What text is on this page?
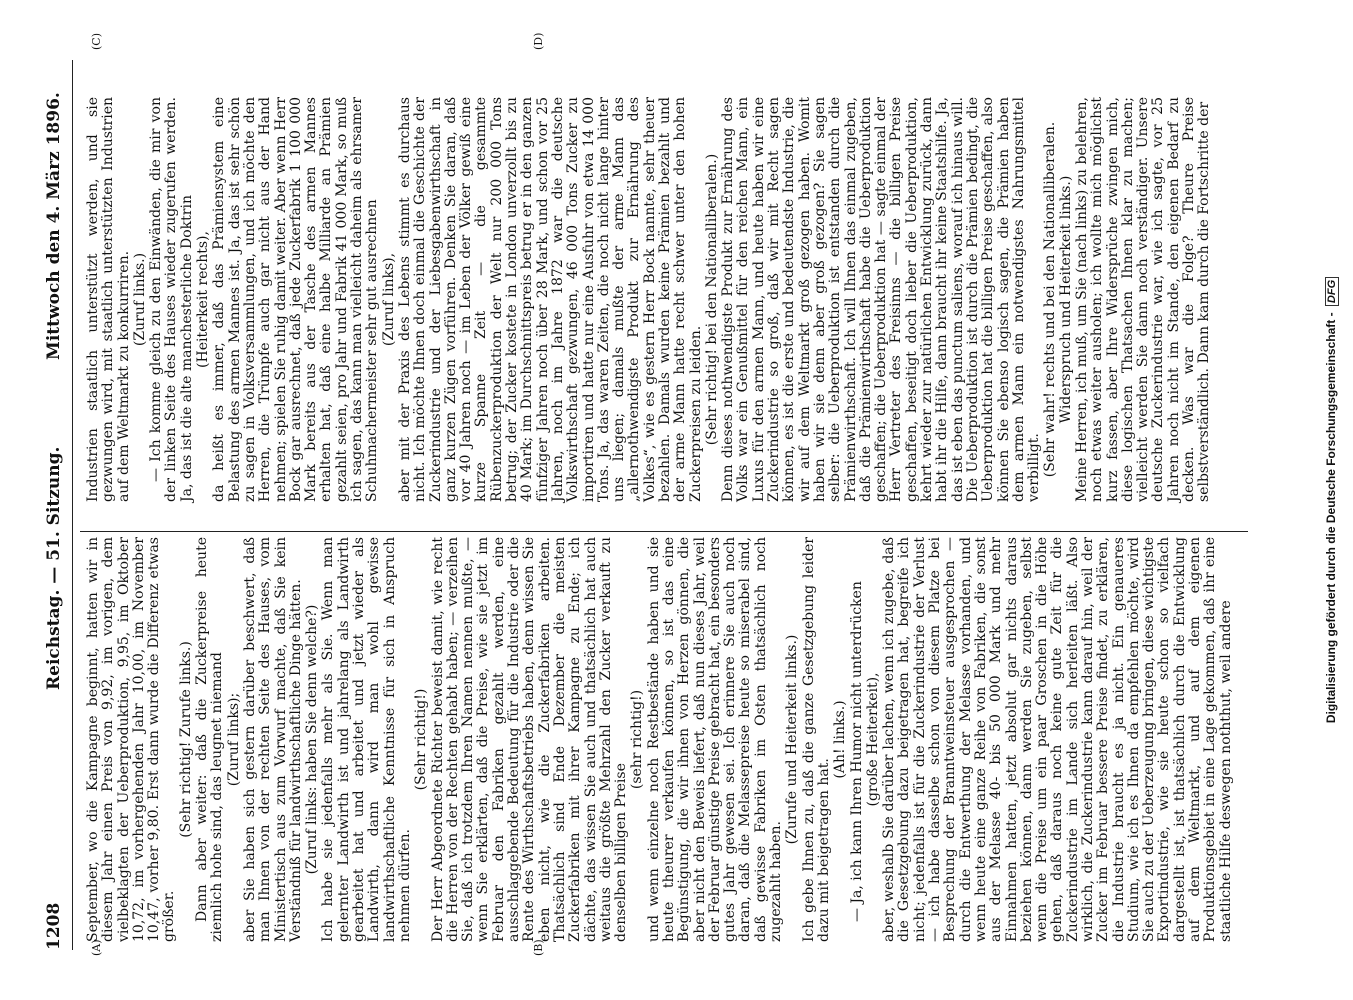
1208
Reichstag. — 51. Sitzung.
Mittwoch den 4. März 1896.
(A)	(B)
(C)	(D)

September, wo die Kampagne beginnt, hatten wir in diesem Jahr einen Preis von 9,92, im vorigen, dem vielbeklagten der Ueberproduktion, 9,95, im Oktober 10,72, im vorhergehenden Jahr 10,00, im November 10,47, vorher 9,80. Erst dann wurde die Differenz etwas größer.

(Sehr richtig! Zurufe links.) Dann aber weiter: daß die Zuckerpreise heute ziemlich hohe sind, das leugnet niemand (Zuruf links); aber Sie haben sich gestern darüber beschwert, daß man Ihnen von der rechten Seite des Hauses, vom Ministertisch aus zum Vorwurf machte, daß Sie kein Verständniß für landwirthschaftliche Dinge hätten. (Zuruf links: haben Sie denn welche?) Ich habe sie jedenfalls mehr als Sie. Wenn man gelernter Landwirth ist und jahrelang als Landwirth gearbeitet hat und arbeitet und jetzt wieder als Landwirth, dann wird man wohl gewisse landwirthschaftliche Kenntnisse für sich in Anspruch nehmen dürfen.

(Sehr richtig!) Der Herr Abgeordnete Richter beweist damit, wie recht die Herren von der Rechten gehabt haben; — verzeihen Sie, daß ich trotzdem Ihren Namen nennen mußte, — wenn Sie erklärten, daß die Preise, wie sie jetzt im Februar den Fabriken gezahlt werden, eine ausschlaggebende Bedeutung für die Industrie oder die Rente des Wirthschaftsbetriebs haben, denn wissen Sie eben nicht, wie die Zuckerfabriken arbeiten. Thatsächlich sind Ende Dezember die meisten Zuckerfabriken mit ihrer Kampagne zu Ende; ich dächte, das wissen Sie auch und thatsächlich hat auch weitaus die größte Mehrzahl den Zucker verkauft zu denselben billigen Preise

(sehr richtig!) und wenn einzelne noch Restbestände haben und sie heute theurer verkaufen können, so ist das eine Begünstigung, die wir ihnen von Herzen gönnen, die aber nicht den Beweis liefert, daß nun dieses Jahr, weil der Februar günstige Preise gebracht hat, ein besonders gutes Jahr gewesen sei. Ich erinnere Sie auch noch daran, daß die Melassepreise heute so miserabel sind, daß gewisse Fabriken im Osten thatsächlich noch zugezahlt haben.

(Zurufe und Heiterkeit links.) Ich gebe Ihnen zu, daß die ganze Gesetzgebung leider dazu mit beigetragen hat.

(Ah! links.) — Ja, ich kann Ihren Humor nicht unterdrücken (große Heiterkeit), aber, weshalb Sie darüber lachen, wenn ich zugebe, daß die Gesetzgebung dazu beigetragen hat, begreife ich nicht; jedenfalls ist für die Zuckerindustrie der Verlust — ich habe dasselbe schon von diesem Platze bei Besprechung der Branntweinsteuer ausgesprochen — durch die Entwerthung der Melasse vorhanden, und wenn heute eine ganze Reihe von Fabriken, die sonst aus der Melasse 40- bis 50 000 Mark und mehr Einnahmen hatten, jetzt absolut gar nichts daraus beziehen können, dann werden Sie zugeben, selbst wenn die Preise um ein paar Groschen in die Höhe gehen, daß daraus noch keine gute Zeit für die Zuckerindustrie im Lande sich herleiten läßt. Also wirklich, die Zuckerindustrie kann darauf hin, weil der Zucker im Februar bessere Preise findet, zu erklären, die Industrie braucht es ja nicht. Ein genaueres Studium, wie ich es Ihnen da empfehlen möchte, wird Sie auch zu der Ueberzeugung bringen, diese wichtigste Exportindustrie, wie sie heute schon so vielfach dargestellt ist, ist thatsächlich durch die Entwicklung auf dem Weltmarkt, und auf dem eigenen Produktionsgebiet in eine Lage gekommen, daß ihr eine staatliche Hilfe deswegen noththut, weil andere

Industrien staatlich unterstützt werden, und sie gezwungen wird, mit staatlich unterstützten Industrien auf dem Weltmarkt zu konkurriren. (Zuruf links.) — Ich komme gleich zu den Einwänden, die mir von der linken Seite des Hauses wieder zugerufen werden. Ja, das ist die alte manchesterliche Doktrin (Heiterkeit rechts), da heißt es immer, daß das Prämiensystem eine Belastung des armen Mannes ist. Ja, das ist sehr schön zu sagen in Volksversammlungen, und ich möchte den Herren, die Trümpfe auch gar nicht aus der Hand nehmen; spielen Sie ruhig damit weiter. Aber wenn Herr Bock gar ausrechnet, daß jede Zuckerfabrik 1 100 000 Mark bereits aus der Tasche des armen Mannes erhalten hat, daß eine halbe Milliarde an Prämien gezahlt seien, pro Jahr und Fabrik 41 000 Mark, so muß ich sagen, das kann man vielleicht daheim als ehrsamer Schuhmachermeister sehr gut ausrechnen (Zuruf links), aber mit der Praxis des Lebens stimmt es durchaus nicht. Ich möchte Ihnen doch einmal die Geschichte der Zuckerindustrie und der Liebesgabenwirthschaft in ganz kurzen Zügen vorführen. Denken Sie daran, daß vor 40 Jahren noch — im Leben der Völker gewiß eine kurze Spanne Zeit — die gesammte Rübenzuckerproduktion der Welt nur 200 000 Tons betrug; der Zucker kostete in London unverzollt bis zu 40 Mark; im Durchschnittspreis betrug er in den ganzen fünfziger Jahren noch über 28 Mark, und schon vor 25 Jahren, noch im Jahre 1872 war die deutsche Volkswirthschaft gezwungen, 46 000 Tons Zucker zu importiren und hatte nur eine Ausfuhr von etwa 14 000 Tons. Ja, das waren Zeiten, die noch nicht lange hinter uns liegen; damals mußte der arme Mann das „allernothwendigste Produkt zur Ernährung des Volkes“, wie es gestern Herr Bock nannte, sehr theuer bezahlen. Damals wurden keine Prämien bezahlt und der arme Mann hatte recht schwer unter den hohen Zuckerpreisen zu leiden. (Sehr richtig! bei den Nationalliberalen.) Denn dieses nothwendigste Produkt zur Ernährung des Volks war ein Genußmittel für den reichen Mann, ein Luxus für den armen Mann, und heute haben wir eine Zuckerindustrie so groß, daß wir mit Recht sagen können, es ist die erste und bedeutendste Industrie, die wir auf dem Weltmarkt groß gezogen haben. Womit haben wir sie denn aber groß gezogen? Sie sagen selber: die Ueberproduktion ist entstanden durch die Prämienwirthschaft. Ich will Ihnen das einmal zugeben, daß die Prämienwirthschaft habe die Ueberproduktion geschaffen; die Ueberproduktion hat — sagte einmal der Herr Vertreter des Freisinns — die billigen Preise geschaffen, beseitigt doch lieber die Ueberproduktion, kehrt wieder zur natürlichen Entwicklung zurück, dann habt ihr die Hilfe, dann braucht ihr keine Staatshilfe. Ja, das ist eben das punctum saliens, worauf ich hinaus will. Die Ueberproduktion ist durch die Prämien bedingt, die Ueberproduktion hat die billigen Preise geschaffen, also können Sie ebenso logisch sagen, die Prämien haben dem armen Mann ein notwendigstes Nahrungsmittel verbilligt. (Sehr wahr! rechts und bei den Nationalliberalen. Widerspruch und Heiterkeit links.) Meine Herren, ich muß, um Sie (nach links) zu belehren, noch etwas weiter ausholen; ich wollte mich möglichst kurz fassen, aber Ihre Widersprüche zwingen mich, diese logischen Thatsachen Ihnen klar zu machen; vielleicht werden Sie dann noch verständiger. Unsere deutsche Zuckerindustrie war, wie ich sagte, vor 25 Jahren noch nicht im Stande, den eigenen Bedarf zu decken. Was war die Folge? Theure Preise selbstverständlich. Dann kam durch die Fortschritte der

Digitalisierung gefördert durch die Deutsche Forschungsgemeinschaft - DFG
